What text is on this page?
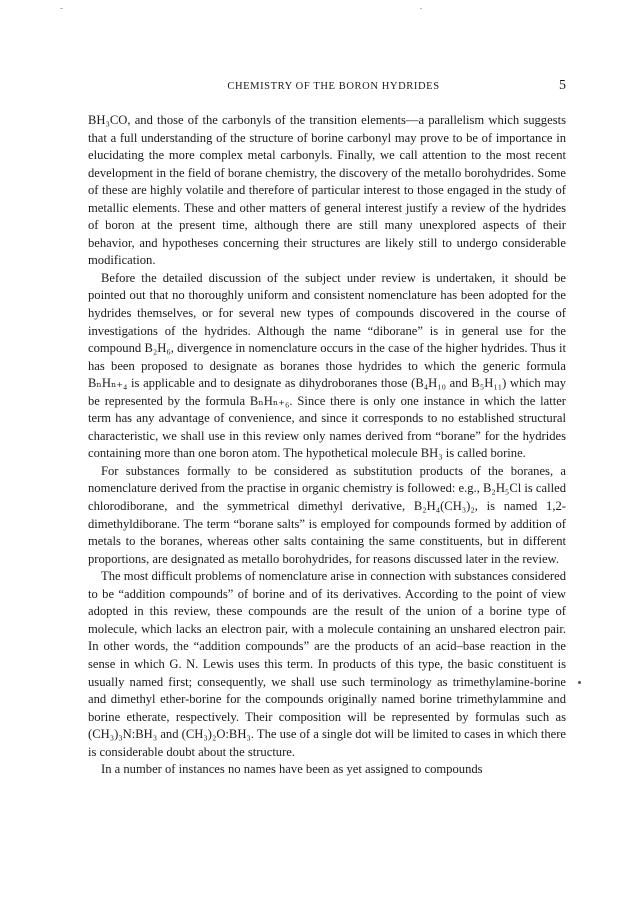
CHEMISTRY OF THE BORON HYDRIDES	5

BH₃CO, and those of the carbonyls of the transition elements—a parallelism which suggests that a full understanding of the structure of borine carbonyl may prove to be of importance in elucidating the more complex metal carbonyls. Finally, we call attention to the most recent development in the field of borane chemistry, the discovery of the metallo borohydrides. Some of these are highly volatile and therefore of particular interest to those engaged in the study of metallic elements. These and other matters of general interest justify a review of the hydrides of boron at the present time, although there are still many unexplored aspects of their behavior, and hypotheses concerning their structures are likely still to undergo considerable modification.

Before the detailed discussion of the subject under review is undertaken, it should be pointed out that no thoroughly uniform and consistent nomenclature has been adopted for the hydrides themselves, or for several new types of compounds discovered in the course of investigations of the hydrides. Although the name “diborane” is in general use for the compound B₂H₆, divergence in nomenclature occurs in the case of the higher hydrides. Thus it has been proposed to designate as boranes those hydrides to which the generic formula BₙHₙ₊₄ is applicable and to designate as dihydroboranes those (B₄H₁₀ and B₅H₁₁) which may be represented by the formula BₙHₙ₊₆. Since there is only one instance in which the latter term has any advantage of convenience, and since it corresponds to no established structural characteristic, we shall use in this review only names derived from “borane” for the hydrides containing more than one boron atom. The hypothetical molecule BH₃ is called borine.

For substances formally to be considered as substitution products of the boranes, a nomenclature derived from the practise in organic chemistry is followed: e.g., B₂H₅Cl is called chlorodiborane, and the symmetrical dimethyl derivative, B₂H₄(CH₃)₂, is named 1,2-dimethyldiborane. The term “borane salts” is employed for compounds formed by addition of metals to the boranes, whereas other salts containing the same constituents, but in different proportions, are designated as metallo borohydrides, for reasons discussed later in the review.

The most difficult problems of nomenclature arise in connection with substances considered to be “addition compounds” of borine and of its derivatives. According to the point of view adopted in this review, these compounds are the result of the union of a borine type of molecule, which lacks an electron pair, with a molecule containing an unshared electron pair. In other words, the “addition compounds” are the products of an acid–base reaction in the sense in which G. N. Lewis uses this term. In products of this type, the basic constituent is usually named first; consequently, we shall use such terminology as trimethylamine-borine and dimethyl ether-borine for the compounds originally named borine trimethylammine and borine etherate, respectively. Their composition will be represented by formulas such as (CH₃)₃N:BH₃ and (CH₃)₂O:BH₃. The use of a single dot will be limited to cases in which there is considerable doubt about the structure.

In a number of instances no names have been as yet assigned to compounds
